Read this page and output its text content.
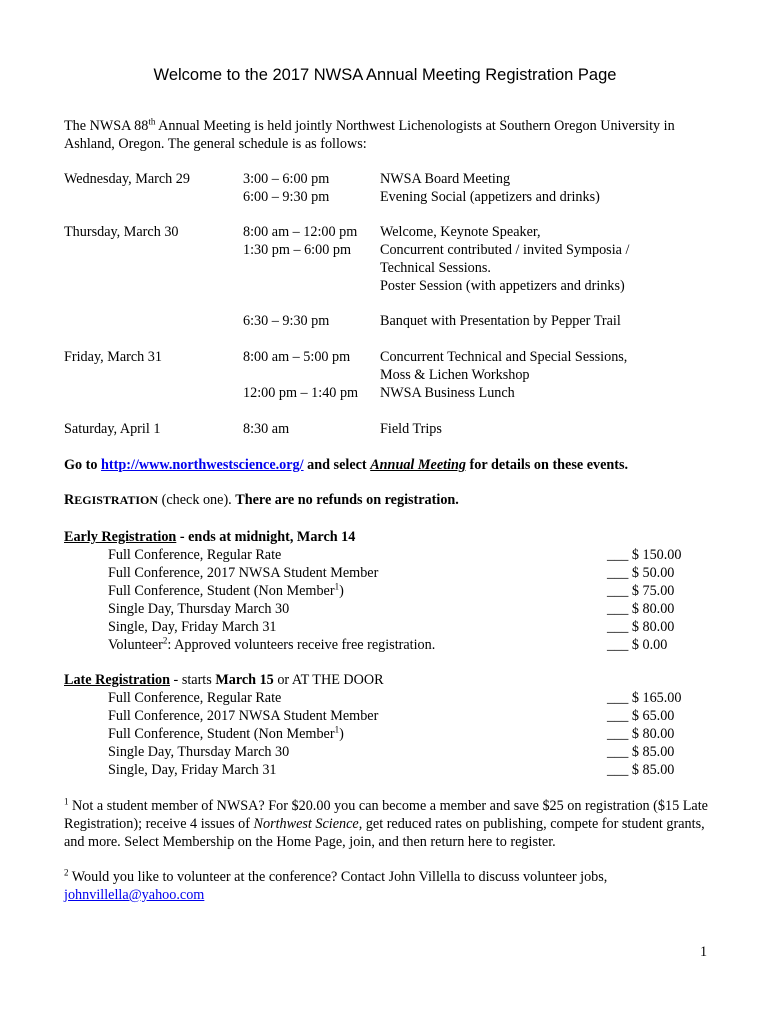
Welcome to the 2017 NWSA Annual Meeting Registration Page
The NWSA 88th Annual Meeting is held jointly Northwest Lichenologists at Southern Oregon University in Ashland, Oregon. The general schedule is as follows:
Wednesday, March 29	3:00 – 6:00 pm	NWSA Board Meeting
6:00 – 9:30 pm	Evening Social (appetizers and drinks)
Thursday, March 30	8:00 am – 12:00 pm Welcome, Keynote Speaker,
1:30 pm – 6:00 pm Concurrent contributed / invited Symposia /
Technical Sessions.
Poster Session (with appetizers and drinks)
6:30 – 9:30 pm	Banquet with Presentation by Pepper Trail
Friday, March 31	8:00 am – 5:00 pm Concurrent Technical and Special Sessions,
Moss & Lichen Workshop
12:00 pm – 1:40 pm NWSA Business Lunch
Saturday, April 1	8:30 am	Field Trips
Go to http://www.northwestscience.org/ and select Annual Meeting for details on these events.
REGISTRATION (check one). There are no refunds on registration.
Early Registration - ends at midnight, March 14
Full Conference, Regular Rate	___ $ 150.00
Full Conference, 2017 NWSA Student Member	___ $ 50.00
Full Conference, Student (Non Member$^1$)	___ $ 75.00
Single Day, Thursday March 30	___ $ 80.00
Single, Day, Friday March 31	___ $ 80.00
Volunteer$^2$: Approved volunteers receive free registration.	___ $ 0.00
Late Registration - starts March 15 or AT THE DOOR
Full Conference, Regular Rate	___ $ 165.00
Full Conference, 2017 NWSA Student Member	___ $ 65.00
Full Conference, Student (Non Member$^1$)	___ $ 80.00
Single Day, Thursday March 30	___ $ 85.00
Single, Day, Friday March 31	___ $ 85.00
$^1$ Not a student member of NWSA? For $20.00 you can become a member and save $25 on registration ($15 Late Registration); receive 4 issues of Northwest Science, get reduced rates on publishing, compete for student grants, and more. Select Membership on the Home Page, join, and then return here to register.
$^2$ Would you like to volunteer at the conference? Contact John Villella to discuss volunteer jobs,
johnvillella@yahoo.com
1
